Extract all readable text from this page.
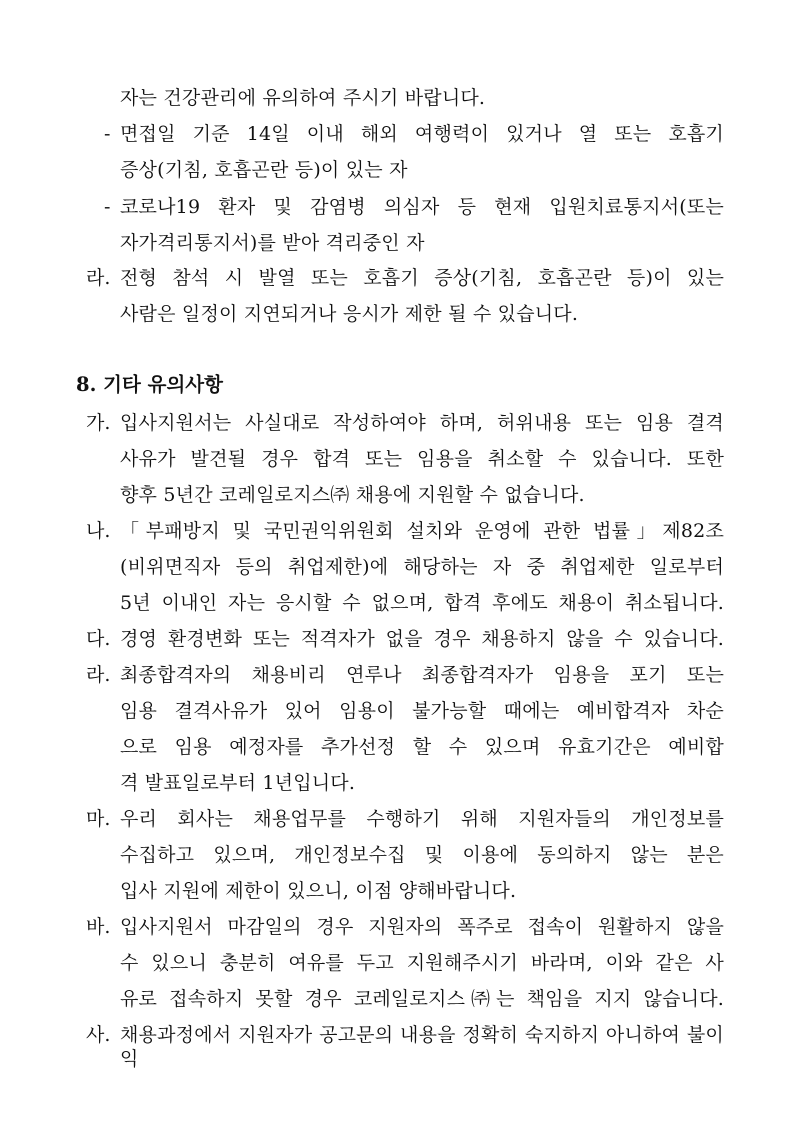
자는 건강관리에 유의하여 주시기 바랍니다.
- 면접일 기준 14일 이내 해외 여행력이 있거나 열 또는 호흡기
증상(기침, 호흡곤란 등)이 있는 자
- 코로나19 환자 및 감염병 의심자 등 현재 입원치료통지서(또는
자가격리통지서)를 받아 격리중인 자
라. 전형 참석 시 발열 또는 호흡기 증상(기침, 호흡곤란 등)이 있는
사람은 일정이 지연되거나 응시가 제한 될 수 있습니다.
8. 기타 유의사항
가. 입사지원서는 사실대로 작성하여야 하며, 허위내용 또는 임용 결격
사유가 발견될 경우 합격 또는 임용을 취소할 수 있습니다. 또한
향후 5년간 코레일로지스㈜ 채용에 지원할 수 없습니다.
나. 「부패방지 및 국민권익위원회 설치와 운영에 관한 법률」제82조
(비위면직자 등의 취업제한)에 해당하는 자 중 취업제한 일로부터
5년 이내인 자는 응시할 수 없으며, 합격 후에도 채용이 취소됩니다.
다. 경영 환경변화 또는 적격자가 없을 경우 채용하지 않을 수 있습니다.
라. 최종합격자의 채용비리 연루나 최종합격자가 임용을 포기 또는
임용 결격사유가 있어 임용이 불가능할 때에는 예비합격자 차순
으로 임용 예정자를 추가선정 할 수 있으며 유효기간은 예비합
격 발표일로부터 1년입니다.
마. 우리 회사는 채용업무를 수행하기 위해 지원자들의 개인정보를
수집하고 있으며, 개인정보수집 및 이용에 동의하지 않는 분은
입사 지원에 제한이 있으니, 이점 양해바랍니다.
바. 입사지원서 마감일의 경우 지원자의 폭주로 접속이 원활하지 않을
수 있으니 충분히 여유를 두고 지원해주시기 바라며, 이와 같은 사
유로 접속하지 못할 경우 코레일로지스㈜는 책임을 지지 않습니다.
사. 채용과정에서 지원자가 공고문의 내용을 정확히 숙지하지 아니하여 불이익
